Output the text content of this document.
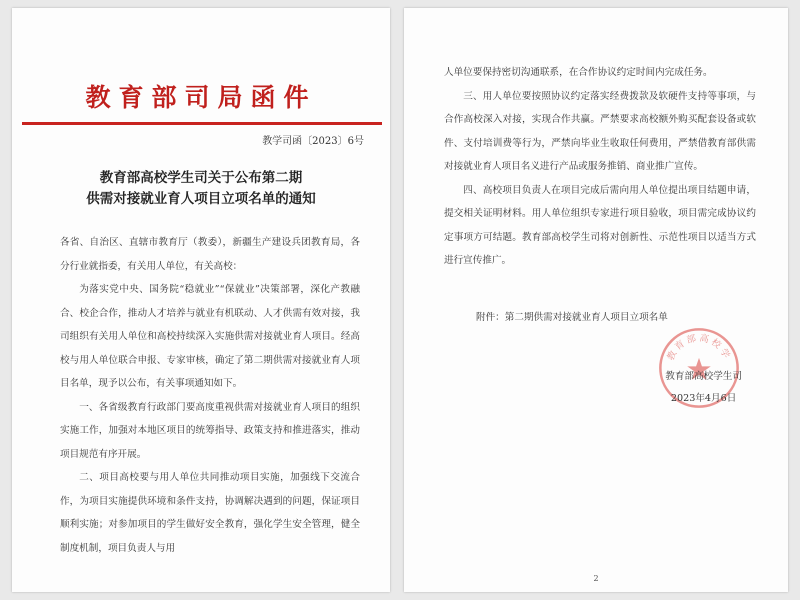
教育部司局函件
教学司函〔2023〕6号
教育部高校学生司关于公布第二期
供需对接就业育人项目立项名单的通知

各省、自治区、直辖市教育厅（教委），新疆生产建设兵团教育局，各分行业就指委，有关用人单位，有关高校：

为落实党中央、国务院“稳就业”“保就业”决策部署，深化产教融合、校企合作，推动人才培养与就业有机联动、人才供需有效对接，我司组织有关用人单位和高校持续深入实施供需对接就业育人项目。经高校与用人单位联合申报、专家审核，确定了第二期供需对接就业育人项目名单，现予以公布，有关事项通知如下。

一、各省级教育行政部门要高度重视供需对接就业育人项目的组织实施工作，加强对本地区项目的统筹指导、政策支持和推进落实，推动项目规范有序开展。

二、项目高校要与用人单位共同推动项目实施，加强线下交流合作，为项目实施提供环境和条件支持，协调解决遇到的问题，保证项目顺利实施；对参加项目的学生做好安全教育，强化学生安全管理，健全制度机制，项目负责人与用

人单位要保持密切沟通联系，在合作协议约定时间内完成任务。

三、用人单位要按照协议约定落实经费拨款及软硬件支持等事项，与合作高校深入对接，实现合作共赢。严禁要求高校额外购买配套设备或软件、支付培训费等行为，严禁向毕业生收取任何费用，严禁借教育部供需对接就业育人项目名义进行产品或服务推销、商业推广宣传。

四、高校项目负责人在项目完成后需向用人单位提出项目结题申请，提交相关证明材料。用人单位组织专家进行项目验收，项目需完成协议约定事项方可结题。教育部高校学生司将对创新性、示范性项目以适当方式进行宣传推广。

附件：第二期供需对接就业育人项目立项名单
教育部高校学
教育部高校学生司
2023年4月6日
2
